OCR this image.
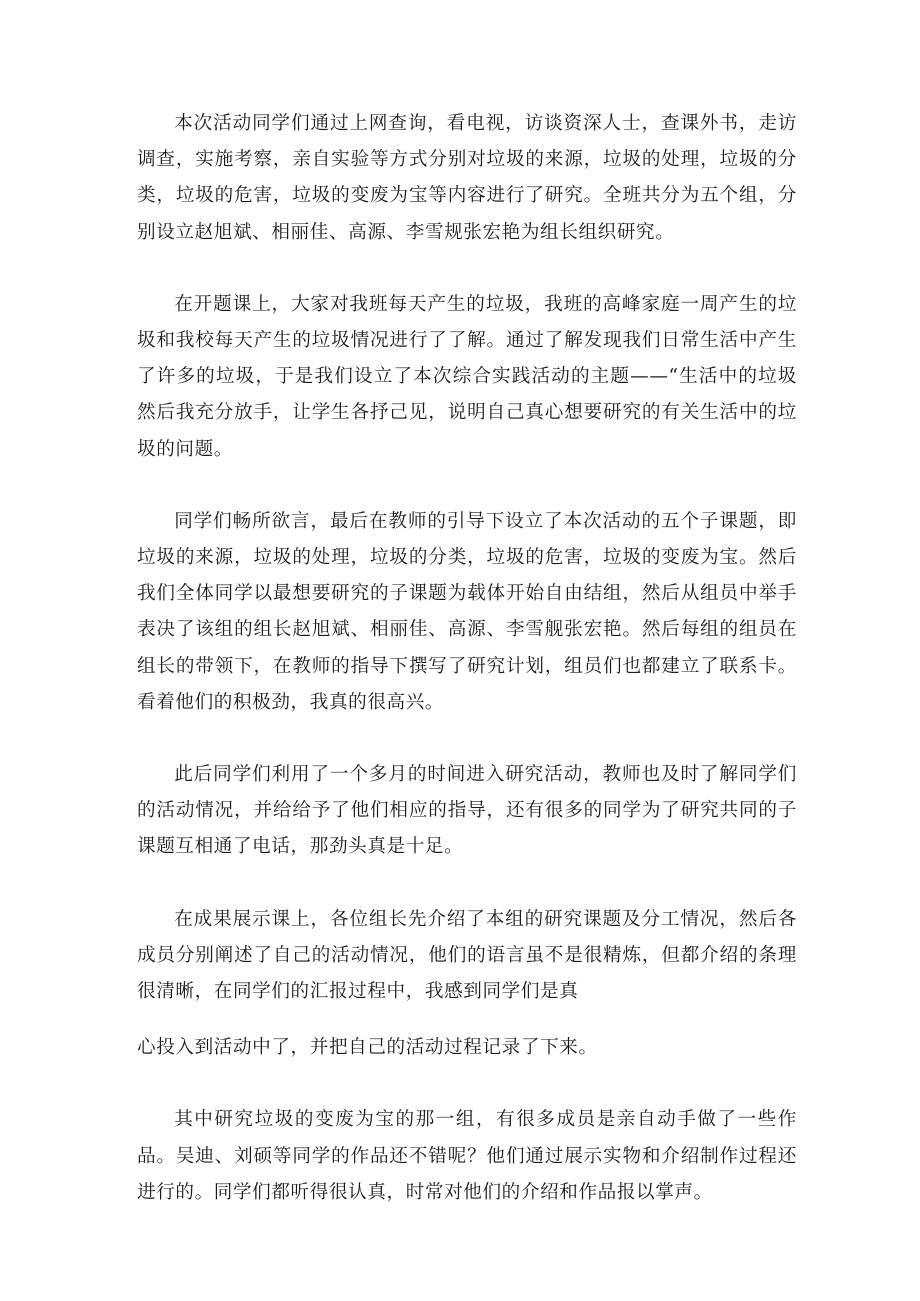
本次活动同学们通过上网查询，看电视，访谈资深人士，查课外书，走访调查，实施考察，亲自实验等方式分别对垃圾的来源，垃圾的处理，垃圾的分类，垃圾的危害，垃圾的变废为宝等内容进行了研究。全班共分为五个组，分别设立赵旭斌、相丽佳、高源、李雪规张宏艳为组长组织研究。

在开题课上，大家对我班每天产生的垃圾，我班的高峰家庭一周产生的垃圾和我校每天产生的垃圾情况进行了了解。通过了解发现我们日常生活中产生了许多的垃圾，于是我们设立了本次综合实践活动的主题——“生活中的垃圾然后我充分放手，让学生各抒己见，说明自己真心想要研究的有关生活中的垃圾的问题。

同学们畅所欲言，最后在教师的引导下设立了本次活动的五个子课题，即垃圾的来源，垃圾的处理，垃圾的分类，垃圾的危害，垃圾的变废为宝。然后我们全体同学以最想要研究的子课题为载体开始自由结组，然后从组员中举手表决了该组的组长赵旭斌、相丽佳、高源、李雪舰张宏艳。然后每组的组员在组长的带领下，在教师的指导下撰写了研究计划，组员们也都建立了联系卡。看着他们的积极劲，我真的很高兴。

此后同学们利用了一个多月的时间进入研究活动，教师也及时了解同学们的活动情况，并给给予了他们相应的指导，还有很多的同学为了研究共同的子课题互相通了电话，那劲头真是十足。

在成果展示课上，各位组长先介绍了本组的研究课题及分工情况，然后各成员分别阐述了自己的活动情况，他们的语言虽不是很精炼，但都介绍的条理很清晰，在同学们的汇报过程中，我感到同学们是真

心投入到活动中了，并把自己的活动过程记录了下来。

其中研究垃圾的变废为宝的那一组，有很多成员是亲自动手做了一些作品。吴迪、刘硕等同学的作品还不错呢？他们通过展示实物和介绍制作过程还进行的。同学们都听得很认真，时常对他们的介绍和作品报以掌声。
